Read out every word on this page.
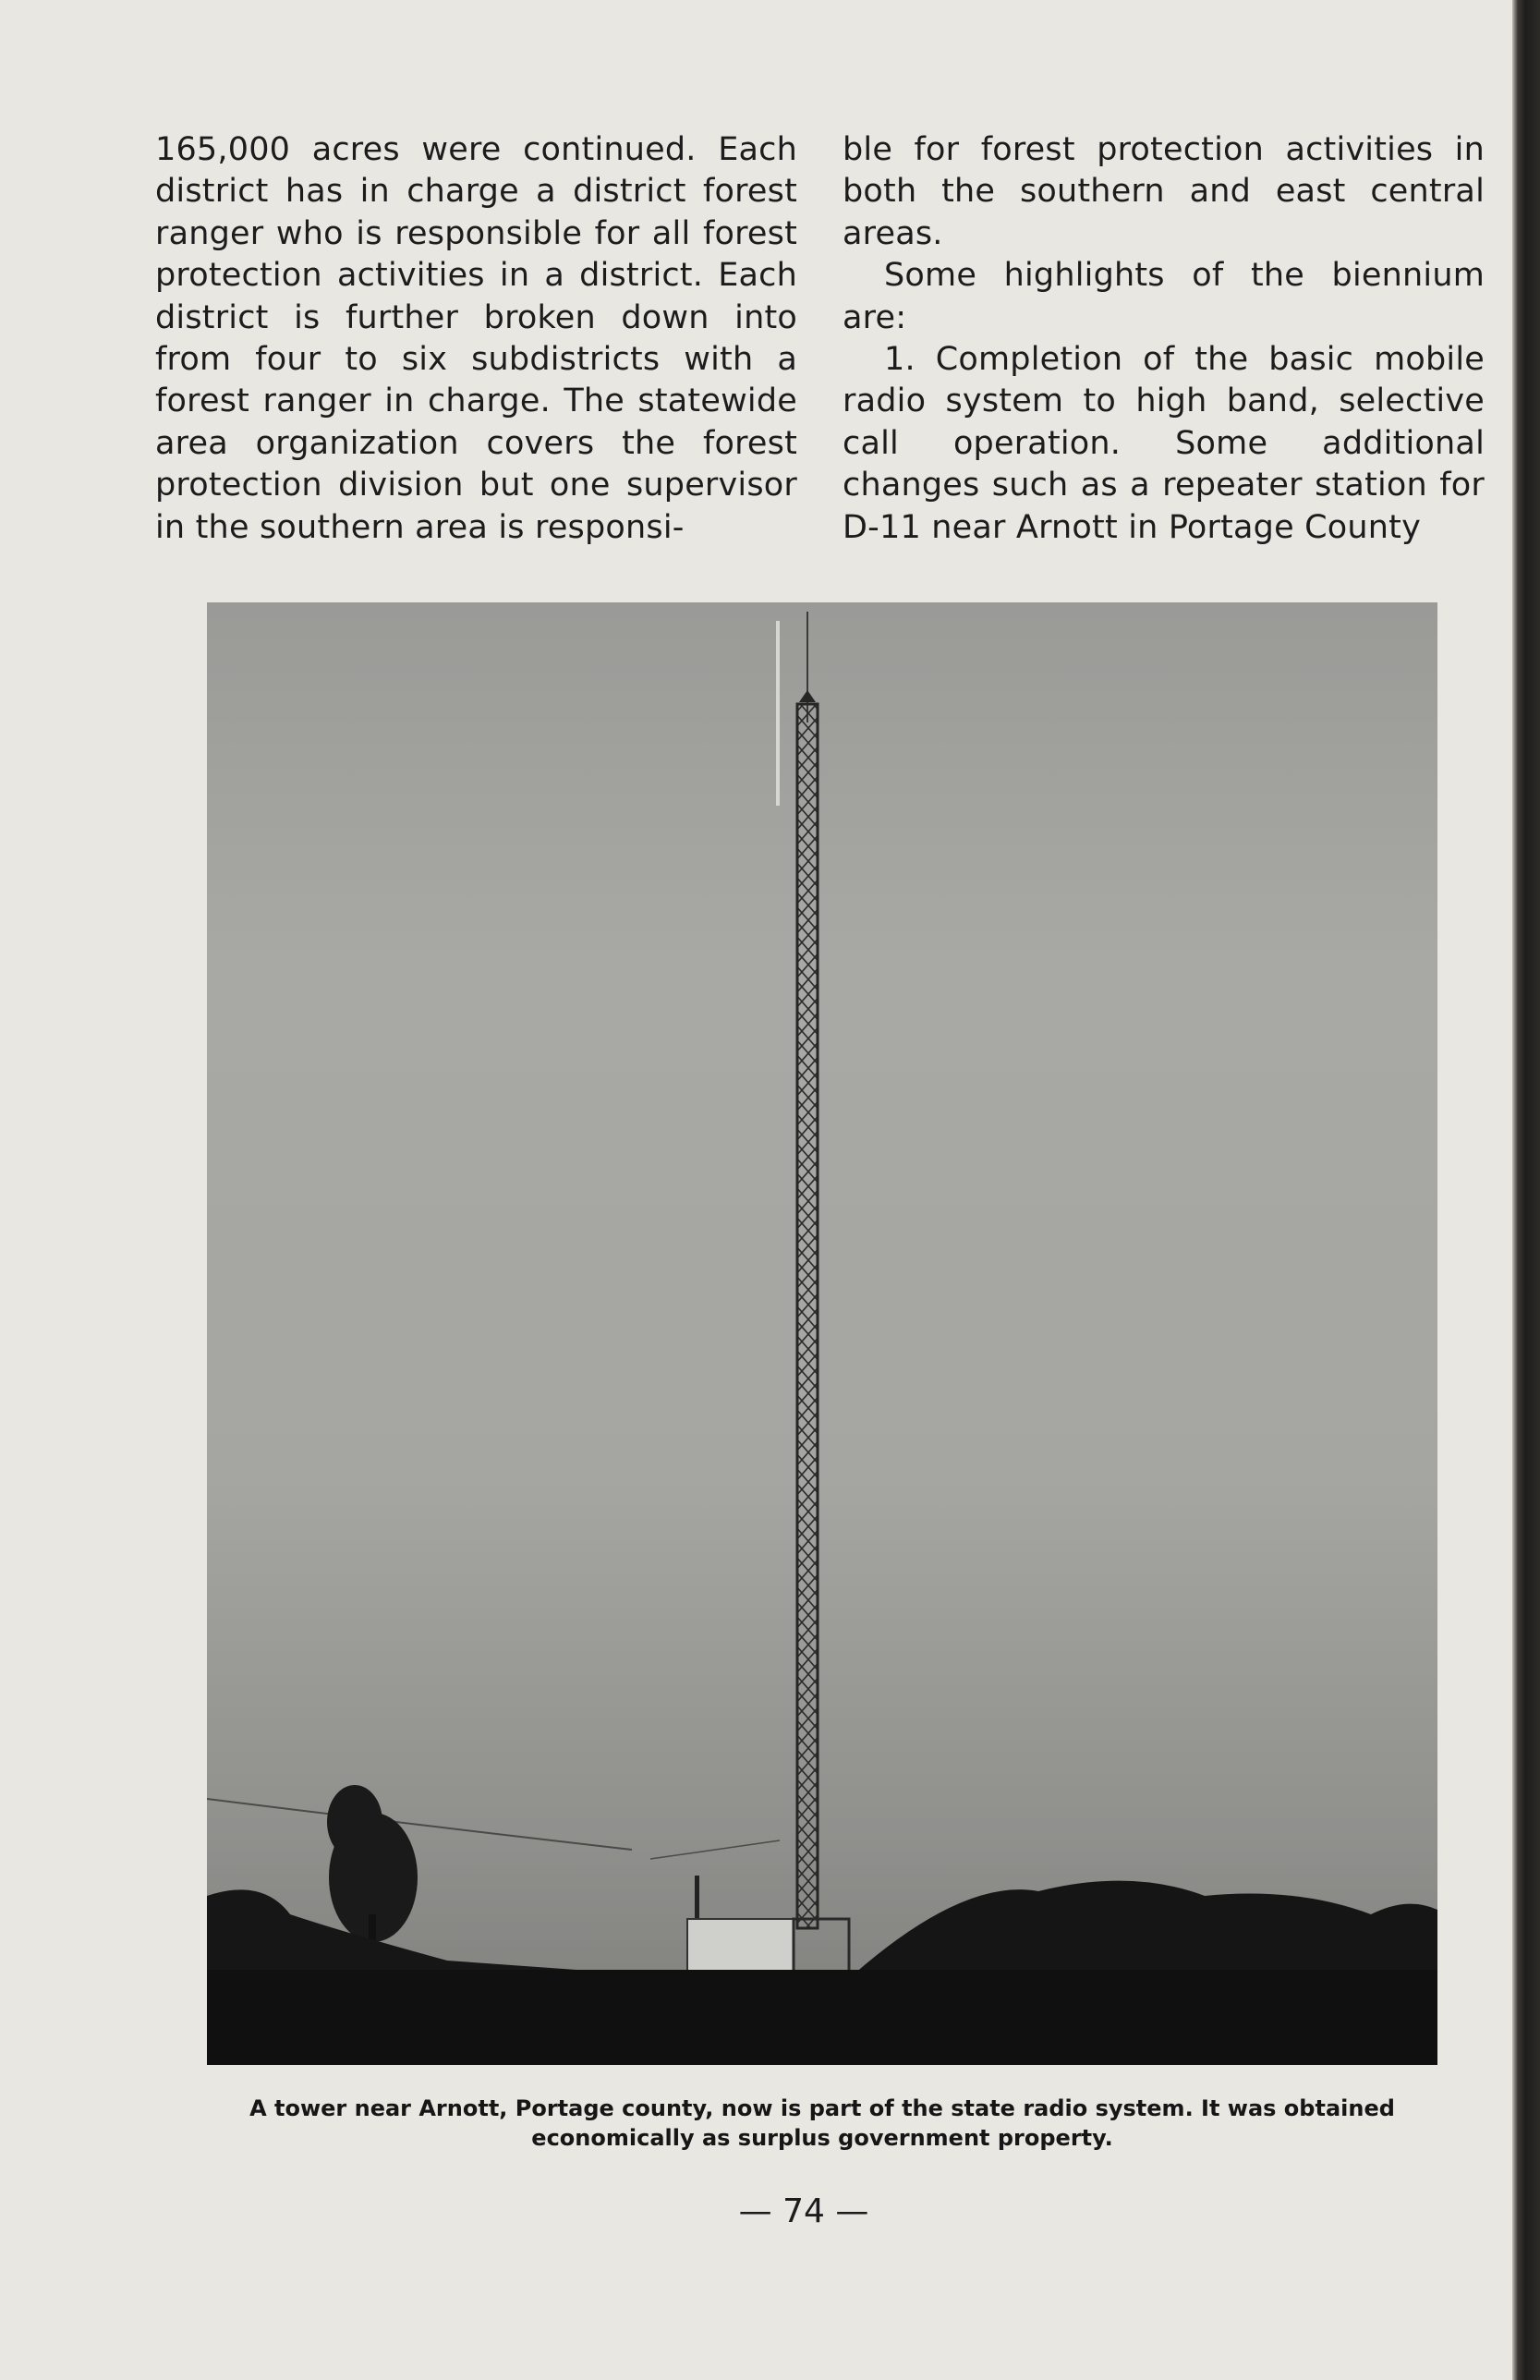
165,000 acres were continued. Each district has in charge a district forest ranger who is responsible for all forest protection activities in a district. Each district is further broken down into from four to six subdistricts with a forest ranger in charge. The statewide area organization covers the forest protection division but one supervisor in the southern area is responsi-

ble for forest protection activities in both the southern and east central areas.

Some highlights of the biennium are:

1. Completion of the basic mobile radio system to high band, selective call operation. Some additional changes such as a repeater station for D-11 near Arnott in Portage County

A tower near Arnott, Portage county, now is part of the state radio system. It was obtained economically as surplus government property.
— 74 —
